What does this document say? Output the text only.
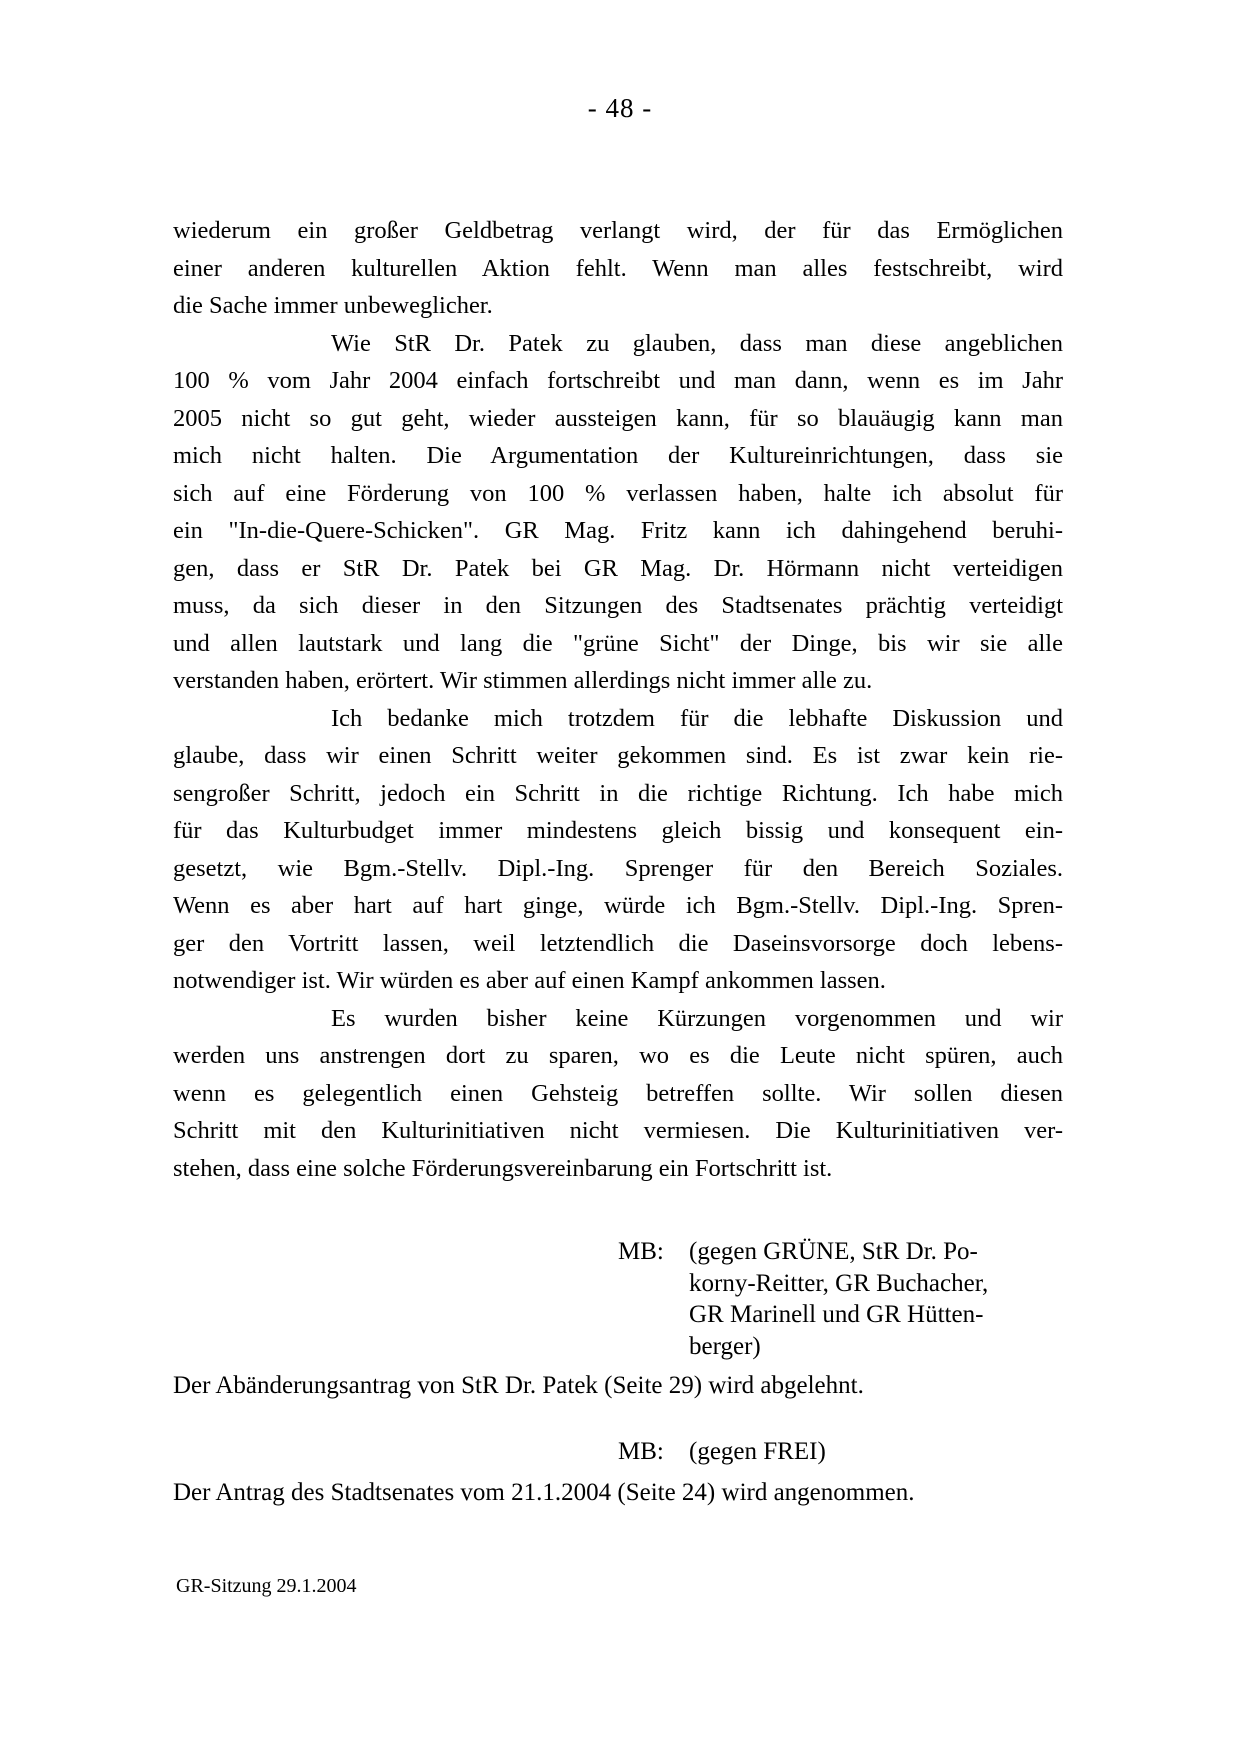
- 48 -
wiederum ein großer Geldbetrag verlangt wird, der für das Ermöglichen
einer anderen kulturellen Aktion fehlt. Wenn man alles festschreibt, wird
die Sache immer unbeweglicher.
Wie StR Dr. Patek zu glauben, dass man diese angeblichen
100 % vom Jahr 2004 einfach fortschreibt und man dann, wenn es im Jahr
2005 nicht so gut geht, wieder aussteigen kann, für so blauäugig kann man
mich nicht halten. Die Argumentation der Kultureinrichtungen, dass sie
sich auf eine Förderung von 100 % verlassen haben, halte ich absolut für
ein "In-die-Quere-Schicken". GR Mag. Fritz kann ich dahingehend beruhi-
gen, dass er StR Dr. Patek bei GR Mag. Dr. Hörmann nicht verteidigen
muss, da sich dieser in den Sitzungen des Stadtsenates prächtig verteidigt
und allen lautstark und lang die "grüne Sicht" der Dinge, bis wir sie alle
verstanden haben, erörtert. Wir stimmen allerdings nicht immer alle zu.
Ich bedanke mich trotzdem für die lebhafte Diskussion und
glaube, dass wir einen Schritt weiter gekommen sind. Es ist zwar kein rie-
sengroßer Schritt, jedoch ein Schritt in die richtige Richtung. Ich habe mich
für das Kulturbudget immer mindestens gleich bissig und konsequent ein-
gesetzt, wie Bgm.-Stellv. Dipl.-Ing. Sprenger für den Bereich Soziales.
Wenn es aber hart auf hart ginge, würde ich Bgm.-Stellv. Dipl.-Ing. Spren-
ger den Vortritt lassen, weil letztendlich die Daseinsvorsorge doch lebens-
notwendiger ist. Wir würden es aber auf einen Kampf ankommen lassen.
Es wurden bisher keine Kürzungen vorgenommen und wir
werden uns anstrengen dort zu sparen, wo es die Leute nicht spüren, auch
wenn es gelegentlich einen Gehsteig betreffen sollte. Wir sollen diesen
Schritt mit den Kulturinitiativen nicht vermiesen. Die Kulturinitiativen ver-
stehen, dass eine solche Förderungsvereinbarung ein Fortschritt ist.
MB: (gegen GRÜNE, StR Dr. Po-
korny-Reitter, GR Buchacher,
GR Marinell und GR Hütten-
berger)
Der Abänderungsantrag von StR Dr. Patek (Seite 29) wird abgelehnt.
MB: (gegen FREI)
Der Antrag des Stadtsenates vom 21.1.2004 (Seite 24) wird angenommen.
GR-Sitzung 29.1.2004
